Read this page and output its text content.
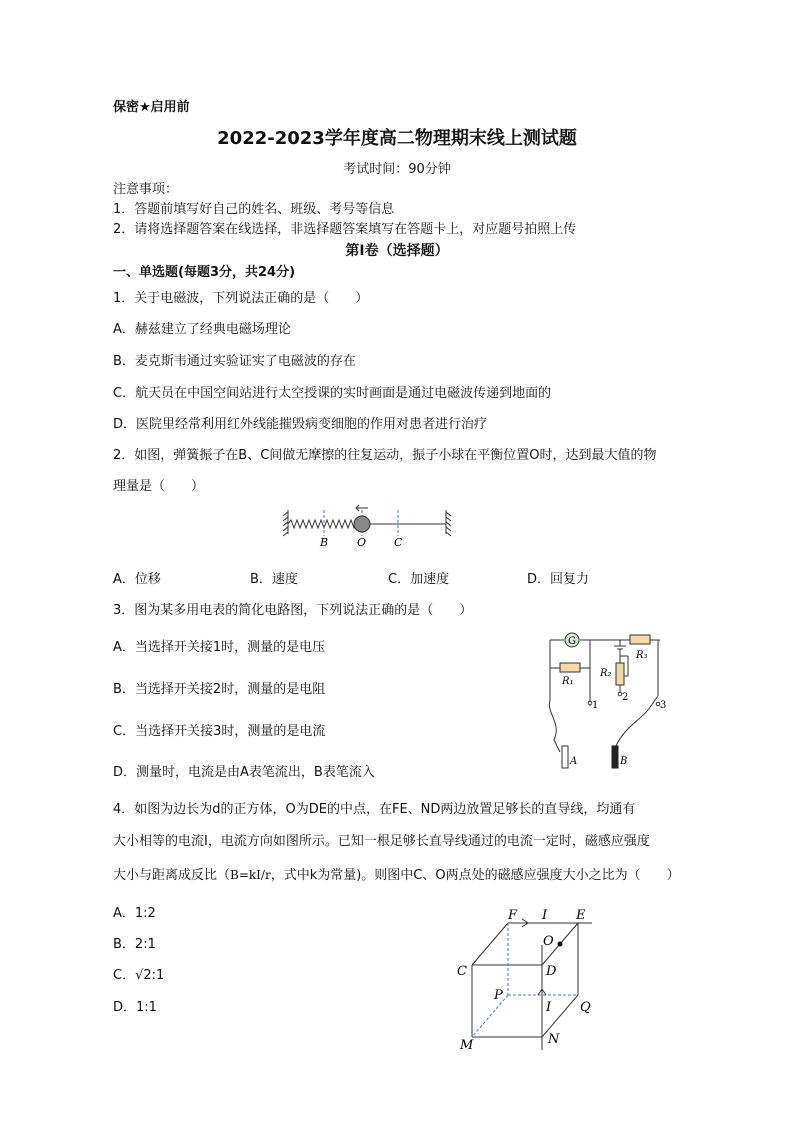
保密★启用前
2022-2023学年度高二物理期末线上测试题
考试时间：90分钟
注意事项：
1．答题前填写好自己的姓名、班级、考号等信息
2．请将选择题答案在线选择，非选择题答案填写在答题卡上，对应题号拍照上传
第I卷（选择题）
一、单选题(每题3分，共24分)
1．关于电磁波，下列说法正确的是（　　）
A．赫兹建立了经典电磁场理论
B．麦克斯韦通过实验证实了电磁波的存在
C．航天员在中国空间站进行太空授课的实时画面是通过电磁波传递到地面的
D．医院里经常利用红外线能摧毁病变细胞的作用对患者进行治疗
2．如图，弹簧振子在B、C间做无摩擦的往复运动，振子小球在平衡位置O时，达到最大值的物
理量是（　　）
B	O	C
A．位移	B．速度	C．加速度	D．回复力
3．图为某多用电表的简化电路图，下列说法正确的是（　　）
A．当选择开关接1时，测量的是电压
B．当选择开关接2时，测量的是电阻
C．当选择开关接3时，测量的是电流
D．测量时，电流是由A表笔流出，B表笔流入
G
R₁
R₂
R₃
1
2
3
A	B
4．如图为边长为d的正方体，O为DE的中点，在FE、ND两边放置足够长的直导线，均通有
大小相等的电流I，电流方向如图所示。已知一根足够长直导线通过的电流一定时，磁感应强度
大小与距离成反比（B=kI/r，式中k为常量)。则图中C、O两点处的磁感应强度大小之比为（　　）
A．1:2
B．2:1
C．√2:1
D．1:1
F I E
O
C	D
P
I Q
M	N
